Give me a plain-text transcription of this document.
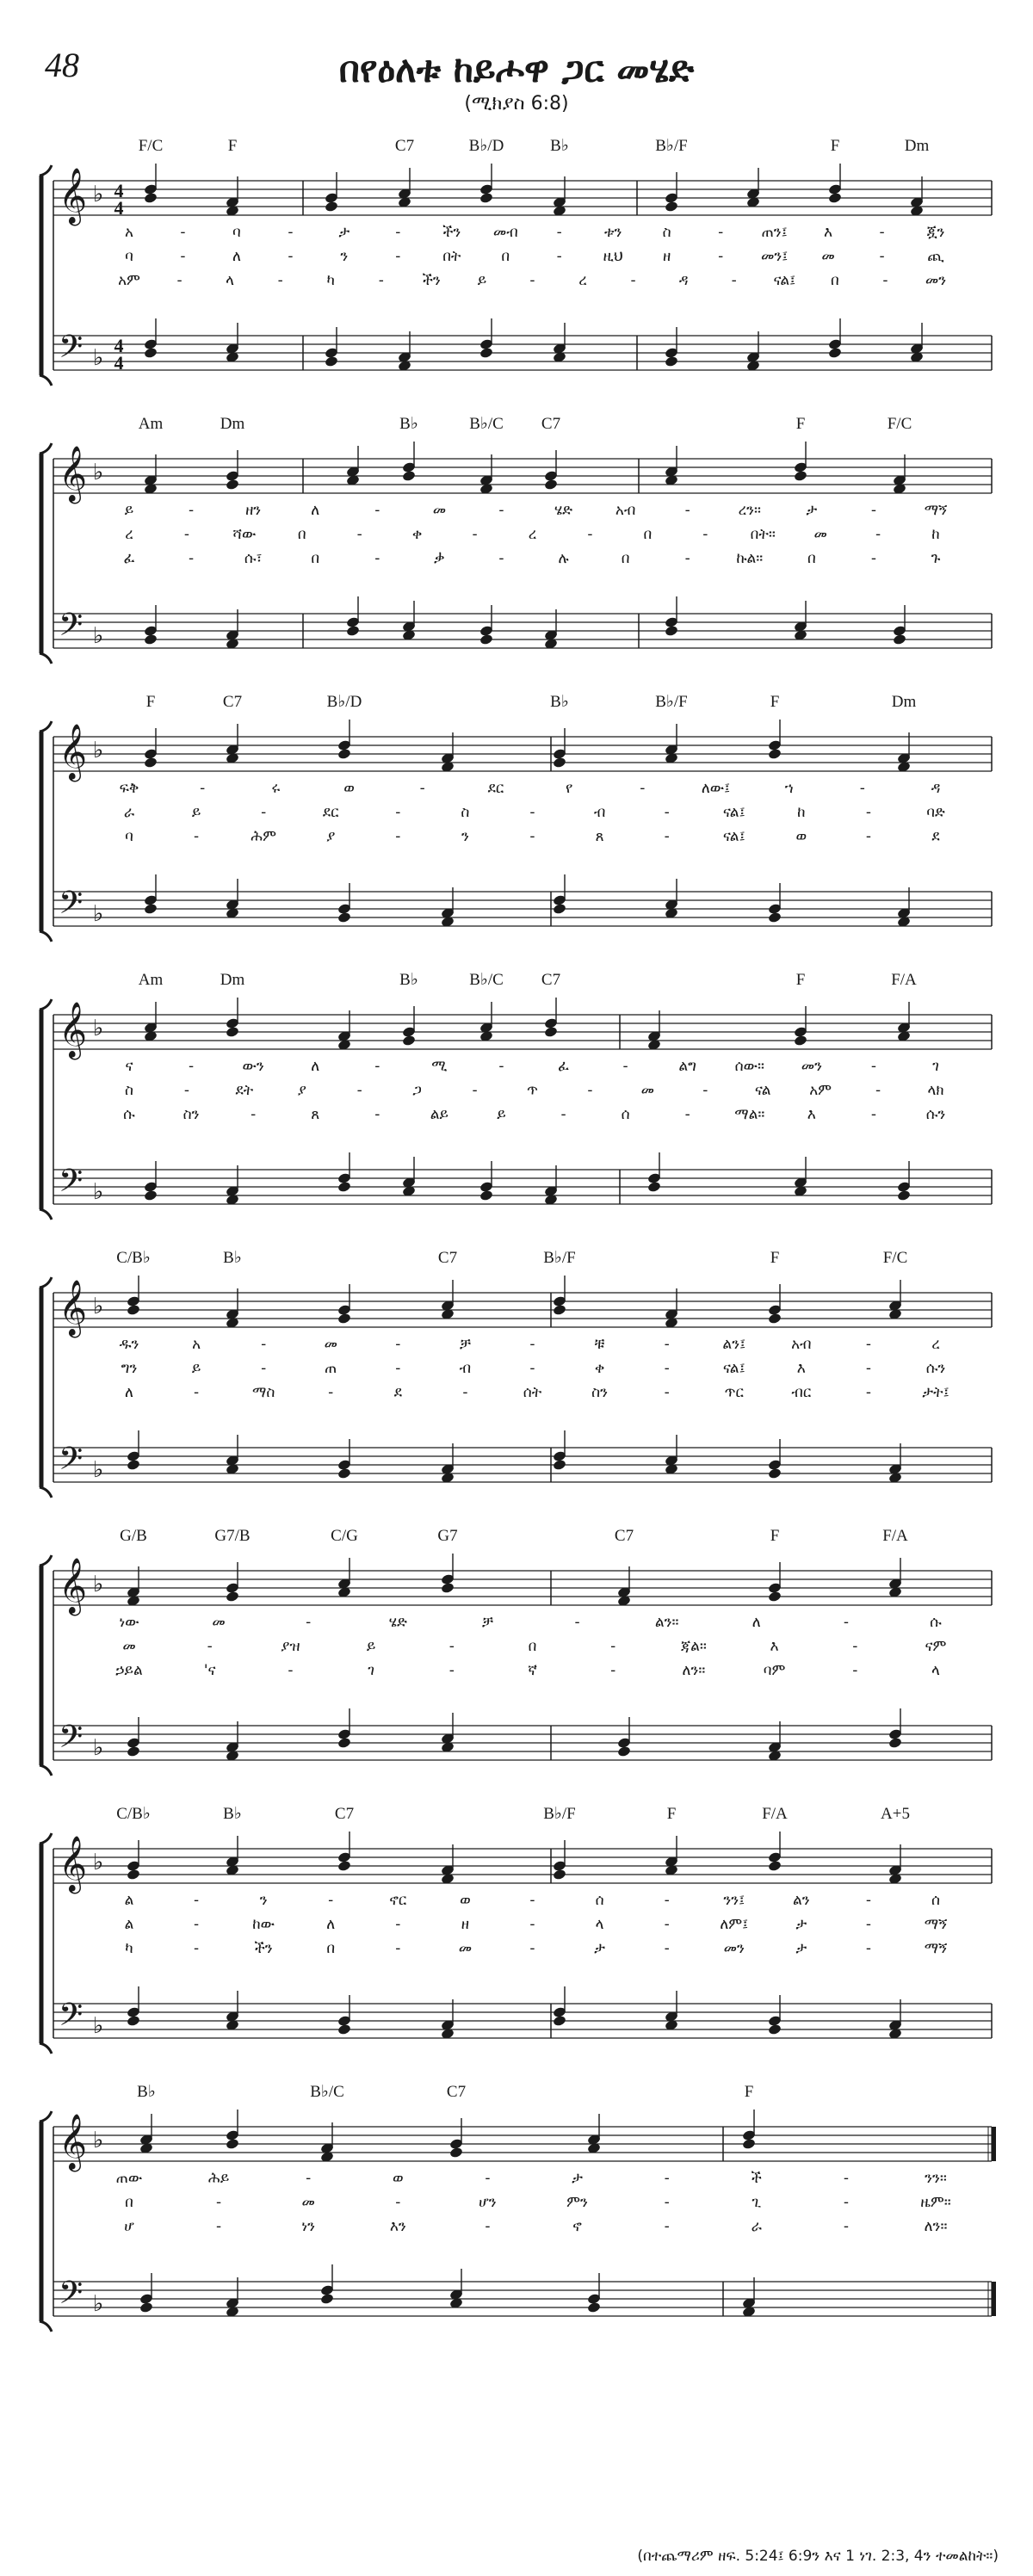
48	በየዕለቱ ከይሖዋ ጋር መሄድ
(ሚክያስ 6:8)
𝄞
𝄢
♭
♭
4
4
4
4
F/C	F	C7	B♭/D	B♭	B♭/F	F	Dm
አ	-	ባ	-	ታ	-	ችን መብ	-	ቱን	ስ	-	ጠን፤ እ	-	ጇን
ባ	-	ለ	-	ን	-	በት	በ	-	ዚህ	ዘ	-	መን፤ መ	-	ጪ
አም	-	ላ	-	ካ	-	ችን	ይ	-	ረ	-	ዳ	-	ናል፤ በ	-	መን
𝄞
𝄢
♭
♭
Am	Dm	B♭	B♭/C C7	F	F/C
ይ	-	ዘን	ለ	-	መ	-	ሄድ	አብ	-	ረን።	ታ	-	ማኝ
ረ	-	ሻው	በ	-	ቀ	-	ረ	-	በ	-	በት።	መ	-	ከ
ፈ	-	ሱ፣	በ	-	ቃ	-	ሉ	በ	-	ኩል።	በ	-	ጉ
𝄞
𝄢
♭
♭
F	C7	B♭/D	B♭	B♭/F	F	Dm
ፍቅ	-	ሩ	ወ	-	ደር	የ	-	ለው፤	ኀ	-	ዳ
ራ	ይ	-	ደር	-	ስ	-	ብ	-	ናል፤	ከ	-	ባድ
ባ	-	ሕም	ያ	-	ን	-	ጸ	-	ናል፤	ወ	-	ደ
𝄞
𝄢
♭
♭
Am	Dm	B♭	B♭/C C7	F	F/A
ና	-	ውን	ለ	-	ሚ	-	ፈ	-	ልግ	ሰው።	መን	-	ገ
ስ	-	ደት	ያ	-	ጋ	-	ጥ	-	መ	-	ናል	አም	-	ላክ
ሱ	ስን	-	ጸ	-	ልይ	ይ	-	ሰ	-	ማል።	እ	-	ሱን
𝄞
𝄢
♭
♭
C/B♭	B♭	C7	B♭/F	F	F/C
ዱን	አ	-	መ	-	ቻ	-	ቹ	-	ልን፤	አብ	-	ረ
ግን	ይ	-	ጠ	-	ብ	-	ቀ	-	ናል፤	እ	-	ሱን
ለ	-	ማስ	-	ደ	-	ሰት	ስን	-	ጥር	ብር	-	ታት፤
𝄞
𝄢
♭
♭
G/B	G7/B	C/G	G7	C7	F	F/A
ነው	መ	-	ሄድ	ቻ	-	ልን።	ለ	-	ሱ
መ	-	ያዝ	ይ	-	በ	-	ጃል።	እ	-	ናም
ኃይል	'ና	-	ገ	-	ኛ	-	ለን።	ባም	-	ላ
𝄞
𝄢
♭
♭
C/B♭	B♭	C7	B♭/F	F	F/A	A+5
ል	-	ን	-	ኖር	ወ	-	ሰ	-	ንን፤	ልን	-	ሰ
ል	-	ከው	ለ	-	ዘ	-	ላ	-	ለም፤	ታ	-	ማኝ
ካ	-	ችን	በ	-	መ	-	ታ	-	መን	ታ	-	ማኝ
𝄞
𝄢
♭
♭
B♭	B♭/C	C7	F
ጠው	ሕይ	-	ወ	-	ታ	-	ች	-	ንን።
በ	-	መ	-	ሆን	ምን	-	ጊ	-	ዜም።
ሆ	-	ነን	እን	-	ኖ	-	ራ	-	ለን።
(በተጨማሪም ዘፍ. 5:24፤ 6:9ን እና 1 ነገ. 2:3, 4ን ተመልከት።)
